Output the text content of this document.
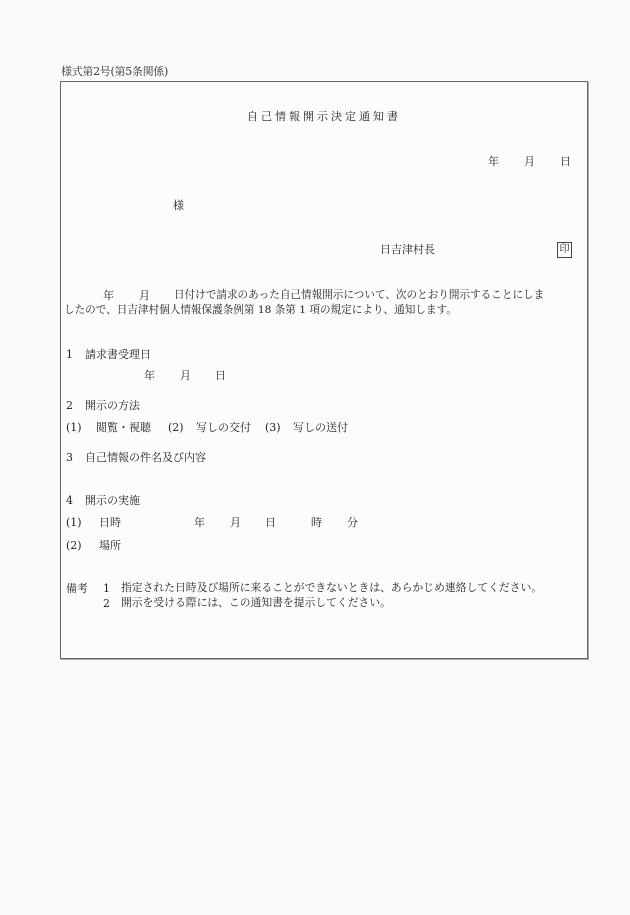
様式第2号(第5条関係)
自己情報開示決定通知書
年 月 日
様
日吉津村長	印
年 月 日付けで請求のあった自己情報開示について、次のとおり開示することにしま
したので、日吉津村個人情報保護条例第 18 条第 1 項の規定により、通知します。
1 請求書受理日
年 月 日
2 開示の方法
(1) 閲覧・視聴 (2) 写しの交付 (3) 写しの送付
3 自己情報の件名及び内容
4 開示の実施
(1) 日時	年 月 日	時 分
(2) 場所
備考 1 指定された日時及び場所に来ることができないときは、あらかじめ連絡してください。
2 開示を受ける際には、この通知書を提示してください。
